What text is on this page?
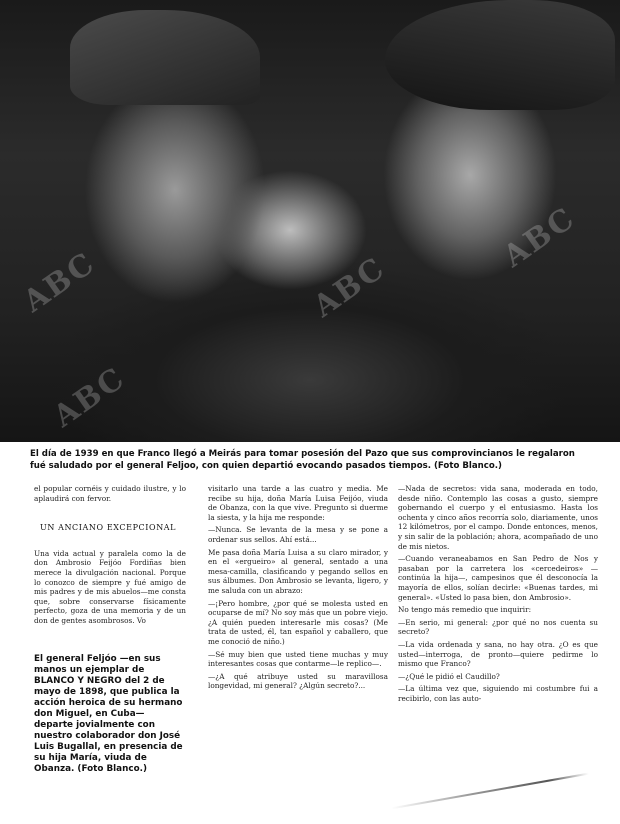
ABC	ABC
ABC
ABC

El día de 1939 en que Franco llegó a Meirás para tomar posesión del Pazo que sus comprovincianos le regalaron fué saludado por el general Feljoo, con quien departió evocando pasados tiempos. (Foto Blanco.)

el popular cornéis y cuidado ilustre, y lo aplaudirá con fervor.

UN ANCIANO EXCEPCIONAL

Una vida actual y paralela como la de don Ambrosio Feijóo Fordiñas bien merece la divulgación nacional. Porque lo conozco de siempre y fué amigo de mis padres y de mis abuelos—me consta que, sobre conservarse físicamente perfecto, goza de una memoria y de un don de gentes asombrosos. Vo

El general Feljóo —en sus manos un ejemplar de BLANCO Y NEGRO del 2 de mayo de 1898, que publica la acción heroica de su hermano don Miguel, en Cuba— departe jovialmente con nuestro colaborador don José Luis Bugallal, en presencia de su hija María, viuda de Obanza. (Foto Blanco.)

visitarlo una tarde a las cuatro y media. Me recibe su hija, doña María Luisa Feijóo, viuda de Obanza, con la que vive. Pregunto si duerme la siesta, y la hija me responde:

—Nunca. Se levanta de la mesa y se pone a ordenar sus sellos. Ahí está...

Me pasa doña María Luisa a su claro mirador, y en el «ergueiro» al general, sentado a una mesa-camilla, clasificando y pegando sellos en sus álbumes. Don Ambrosio se levanta, ligero, y me saluda con un abrazo:

—¡Pero hombre, ¿por qué se molesta usted en ocuparse de mí? No soy más que un pobre viejo. ¿A quién pueden interesarle mis cosas? (Me trata de usted, él, tan español y caballero, que me conoció de niño.)

—Sé muy bien que usted tiene muchas y muy interesantes cosas que contarme—le replico—.

—¿A qué atribuye usted su maravillosa longevidad, mi general? ¿Algún secreto?...

—Nada de secretos: vida sana, moderada en todo, desde niño. Contemplo las cosas a gusto, siempre gobernando el cuerpo y el entusiasmo. Hasta los ochenta y cinco años recorría solo, diariamente, unos 12 kilómetros, por el campo. Donde entonces, menos, y sin salir de la población; ahora, acompañado de uno de mis nietos.

—Cuando veraneabamos en San Pedro de Nos y pasaban por la carretera los «cercedeiros» —continúa la hija—, campesinos que él desconocía la mayoría de ellos, solían decirle: «Buenas tardes, mi general». «Usted lo pasa bien, don Ambrosio».

No tengo más remedio que inquirir:

—En serio, mi general: ¿por qué no nos cuenta su secreto?

—La vida ordenada y sana, no hay otra. ¿O es que usted—interroga, de pronto—quiere pedirme lo mismo que Franco?

—¿Qué le pidió el Caudillo?

—La última vez que, siguiendo mi costumbre fui a recibirlo, con las auto-
